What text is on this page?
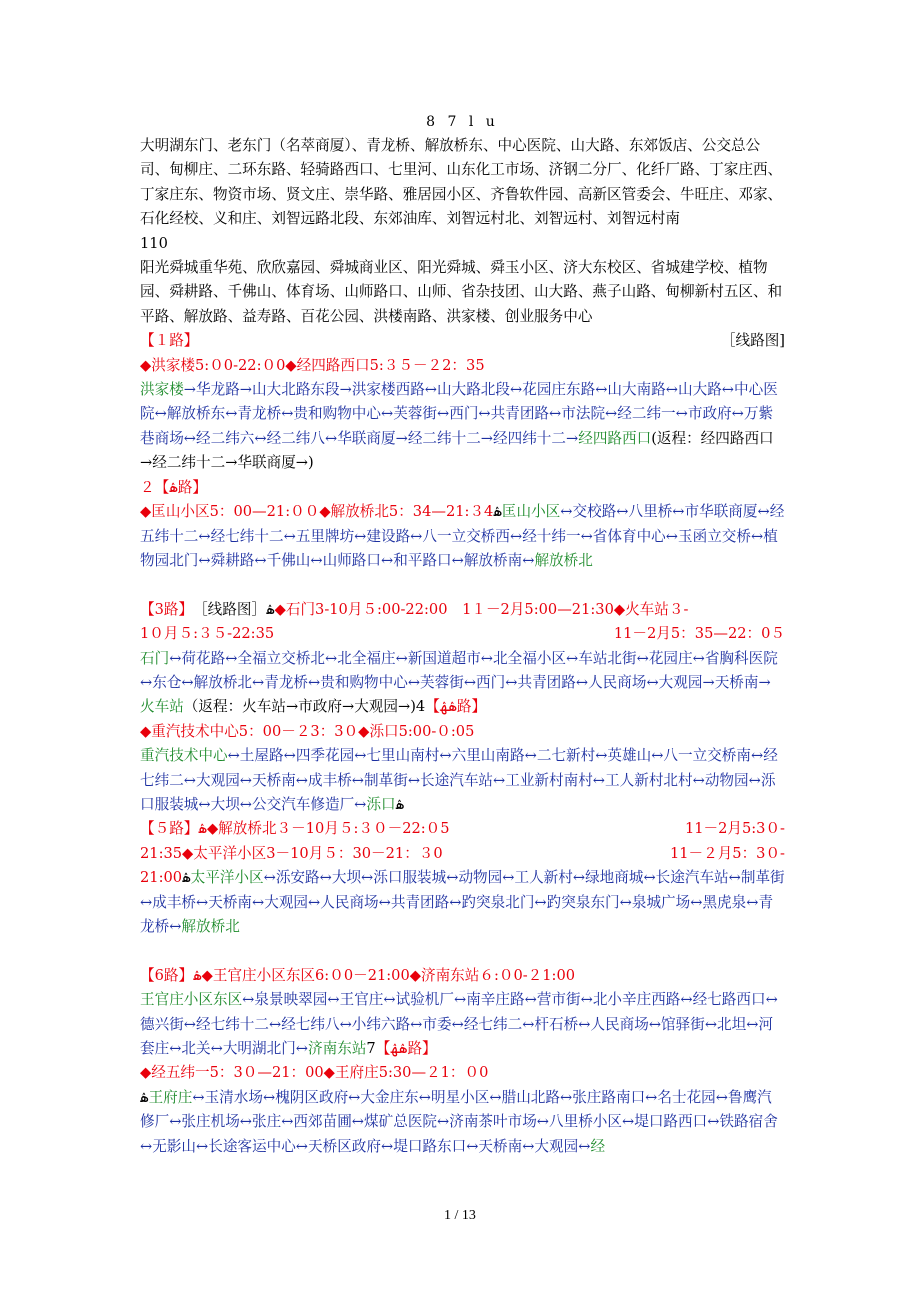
8 7 l u

大明湖东门、老东门（名萃商厦）、青龙桥、解放桥东、中心医院、山大路、东郊饭店、公交总公司、甸柳庄、二环东路、轻骑路西口、七里河、山东化工市场、济钢二分厂、化纤厂路、丁家庄西、丁家庄东、物资市场、贤文庄、崇华路、雅居园小区、齐鲁软件园、高新区管委会、牛旺庄、邓家、石化经校、义和庄、刘智远路北段、东郊油库、刘智远村北、刘智远村、刘智远村南

110

阳光舜城重华苑、欣欣嘉园、舜城商业区、阳光舜城、舜玉小区、济大东校区、省城建学校、植物园、舜耕路、千佛山、体育场、山师路口、山师、省杂技团、山大路、燕子山路、甸柳新村五区、和平路、解放路、益寿路、百花公园、洪楼南路、洪家楼、创业服务中心

【１路】	［线路图]

◆洪家楼5:０0-22:０0◆经四路西口5:３５－２2：35

洪家楼→华龙路→山大北路东段→洪家楼西路↔山大路北段↔花园庄东路↔山大南路↔山大路↔中心医院↔解放桥东↔青龙桥↔贵和购物中心↔芙蓉街↔西门↔共青团路↔市法院↔经二纬一↔市政府↔万紫巷商场↔经二纬六↔经二纬八↔华联商厦→经二纬十二→经四纬十二→经四路西口(返程：经四路西口→经二纬十二→华联商厦→)

２【ۿ路】

◆匡山小区5：00—21:００◆解放桥北5：34—21:３4ۿ匡山小区↔交校路↔八里桥↔市华联商厦↔经五纬十二↔经七纬十二↔五里牌坊↔建设路↔八一立交桥西↔经十纬一↔省体育中心↔玉函立交桥↔植物园北门↔舜耕路↔千佛山↔山师路口↔和平路口↔解放桥南↔解放桥北

【3路】　 ［线路图］ۿ◆石门3-10月５:00-22:00　1１－2月5:00—21:30◆火车站３-

1０月５:３５-22:35	11－2月5：35—22：0５

石门↔荷花路↔全福立交桥北↔北全福庄↔新国道超市↔北全福小区↔车站北街↔花园庄↔省胸科医院↔东仓↔解放桥北↔青龙桥↔贵和购物中心↔芙蓉街↔西门↔共青团路↔人民商场↔大观园→天桥南→火车站（返程：火车站→市政府→大观园→)4【ۿۿ路】

◆重汽技术中心5：00－２3：3０◆泺口5:00-０:05

重汽技术中心↔土屋路↔四季花园↔七里山南村↔六里山南路↔二七新村↔英雄山↔八一立交桥南↔经七纬二↔大观园↔天桥南↔成丰桥↔制革街↔长途汽车站↔工业新村南村↔工人新村北村↔动物园↔泺口服装城↔大坝↔公交汽车修造厂↔泺口ۿ

【５路】ۿ◆解放桥北３－10月５:３０－22:０5	11－2月5:3０-
21:35◆太平洋小区3－10月５：30－21：３0	11－２月5：3０-

21:00ۿ太平洋小区↔泺安路↔大坝↔泺口服装城↔动物园↔工人新村↔绿地商城↔长途汽车站↔制革街↔成丰桥↔天桥南↔大观园↔人民商场↔共青团路↔趵突泉北门↔趵突泉东门↔泉城广场↔黑虎泉↔青龙桥↔解放桥北

【6路】ۿ◆王官庄小区东区6:０0－21:00◆济南东站６:０0-２1:00

王官庄小区东区↔泉景映翠园↔王官庄↔试验机厂↔南辛庄路↔营市街↔北小辛庄西路↔经七路西口↔德兴街↔经七纬十二↔经七纬八↔小纬六路↔市委↔经七纬二↔杆石桥↔人民商场↔馆驿街↔北坦↔河套庄↔北关↔大明湖北门↔济南东站7【ۿۿ路】

◆经五纬一5：3０—21：00◆王府庄5:30—２1：０0

ۿ王府庄↔玉清水场↔槐阴区政府↔大金庄东↔明星小区↔腊山北路↔张庄路南口↔名士花园↔鲁鹰汽修厂↔张庄机场↔张庄↔西郊苗圃↔煤矿总医院↔济南茶叶市场↔八里桥小区↔堤口路西口↔铁路宿舍↔无影山↔长途客运中心↔天桥区政府↔堤口路东口↔天桥南↔大观园↔经

1 / 13
